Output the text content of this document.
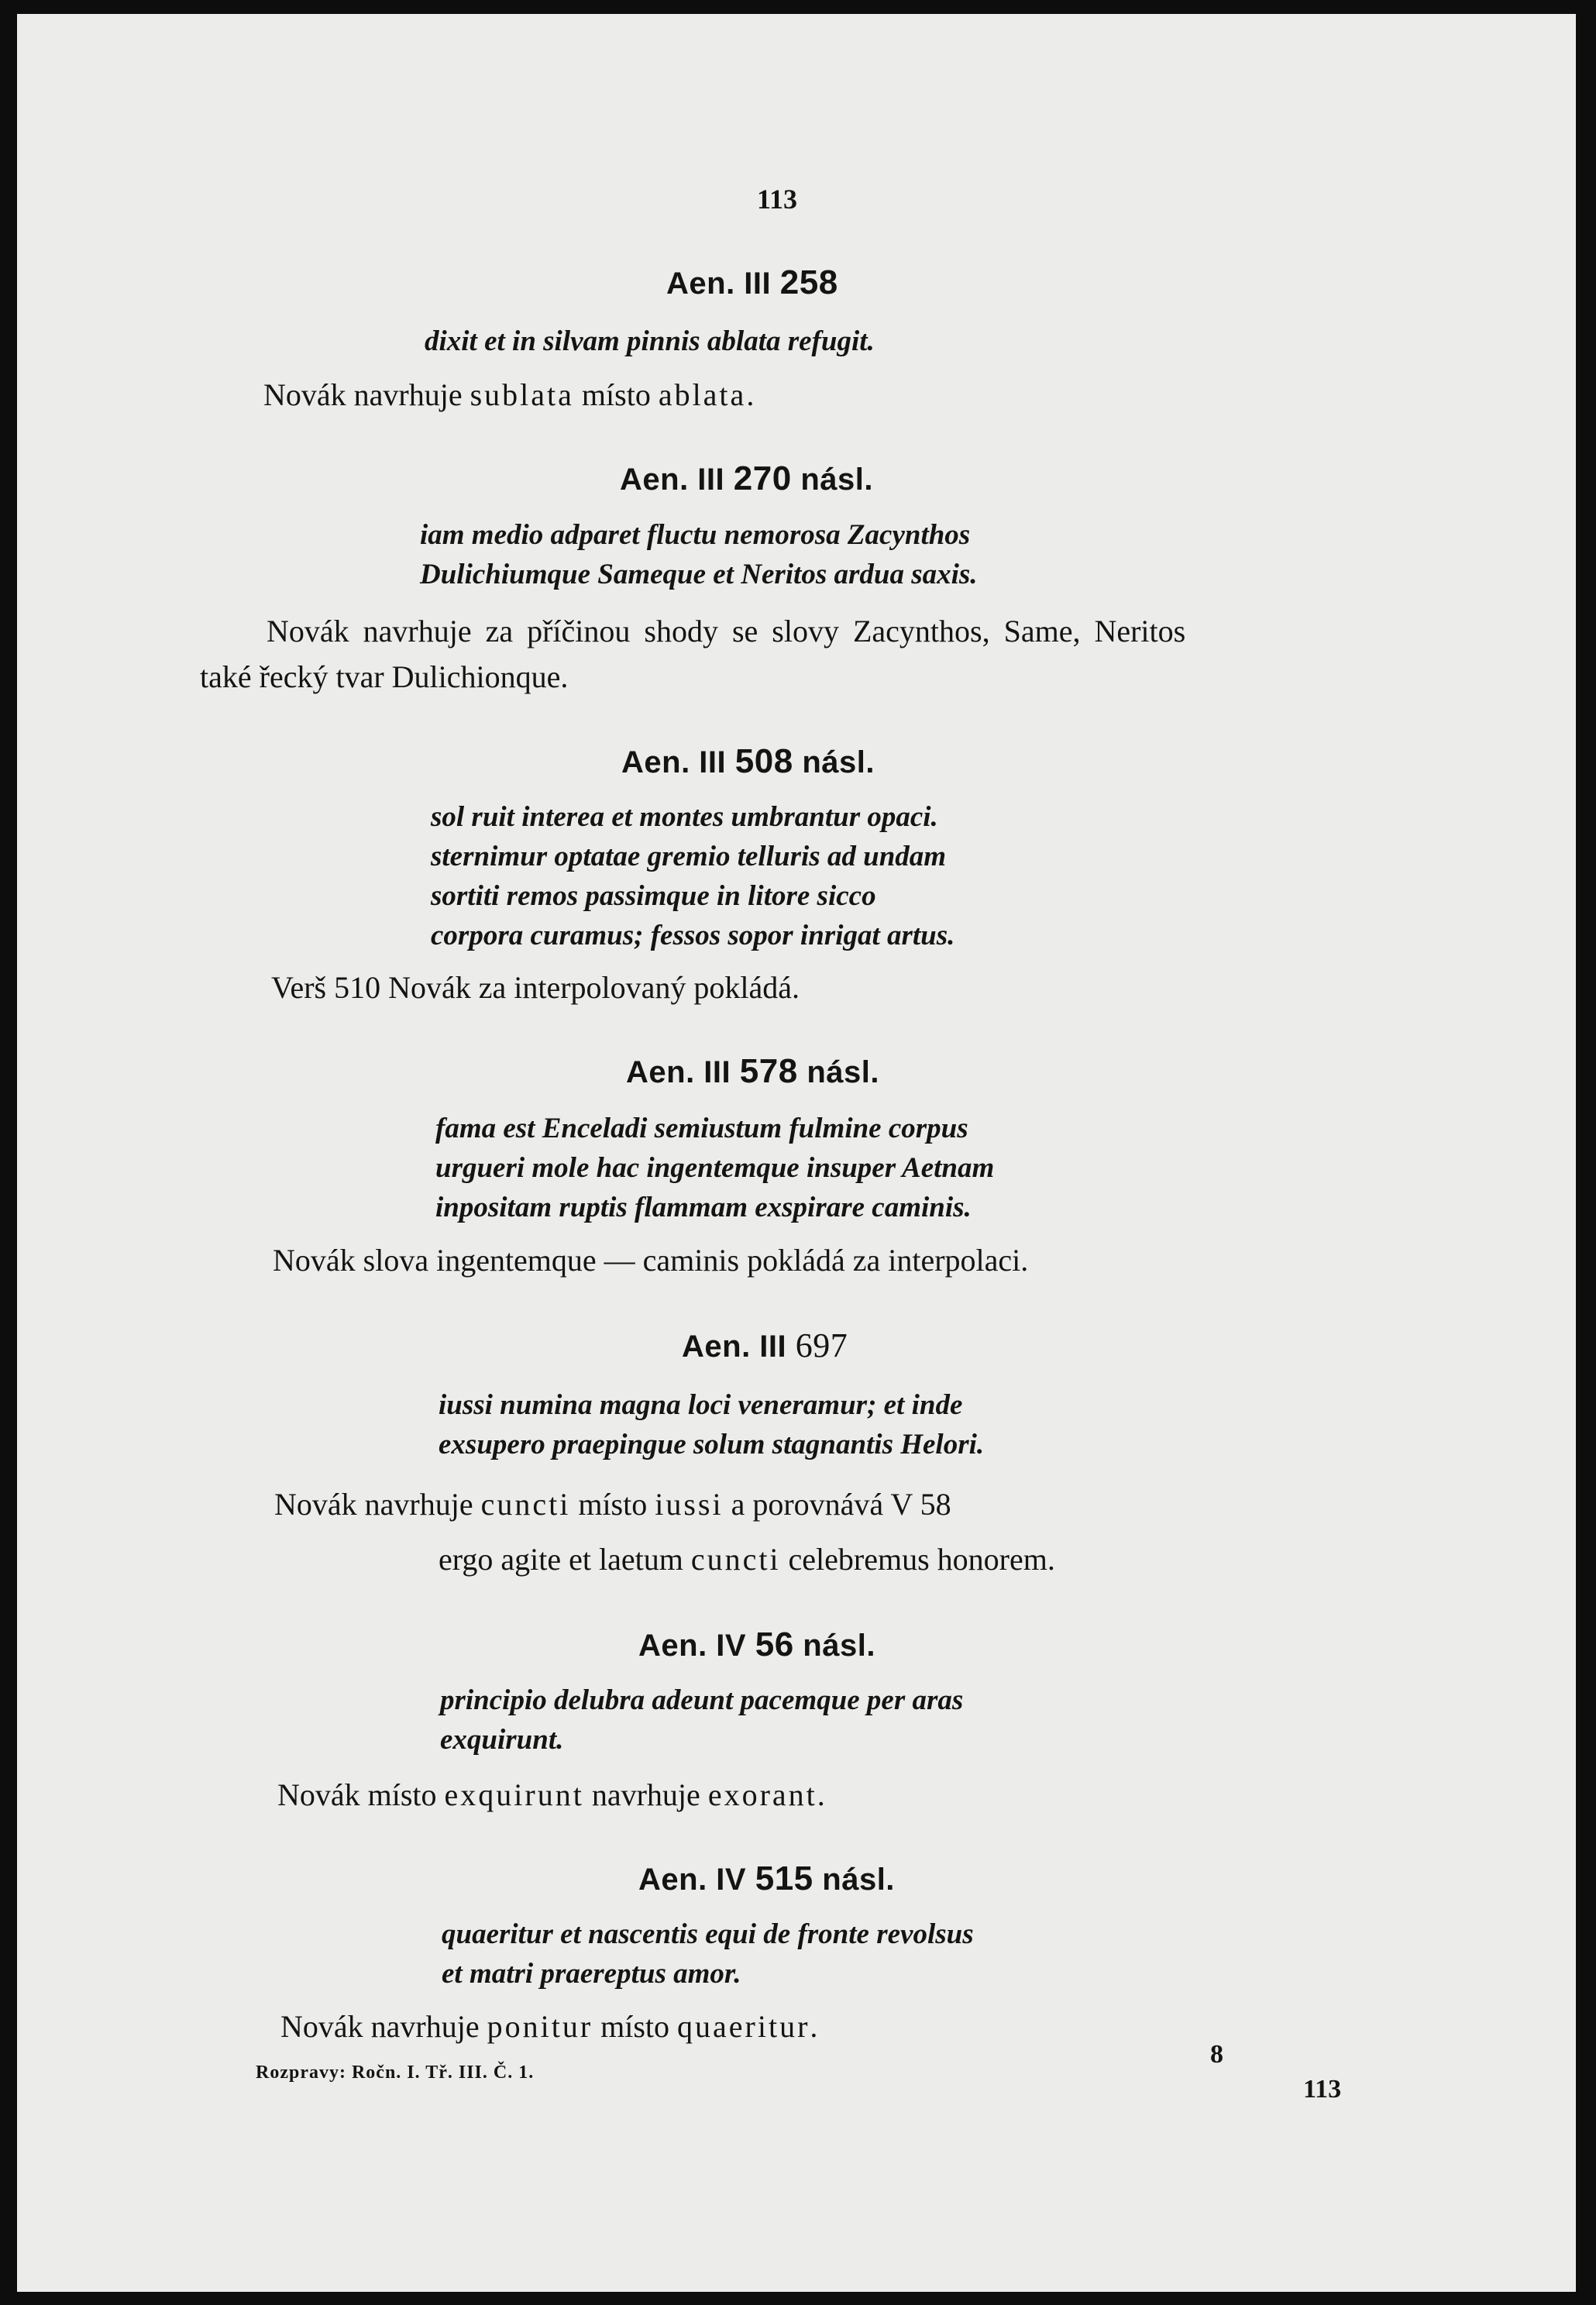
113
Aen. III 258
dixit et in silvam pinnis ablata refugit.
Novák navrhuje sublata místo ablata.
Aen. III 270 násl.
iam medio adparet fluctu nemorosa Zacynthos
Dulichiumque Sameque et Neritos ardua saxis.
Novák navrhuje za příčinou shody se slovy Zacynthos, Same, Neritos
také řecký tvar Dulichionque.
Aen. III 508 násl.
sol ruit interea et montes umbrantur opaci.
sternimur optatae gremio telluris ad undam
sortiti remos passimque in litore sicco
corpora curamus; fessos sopor inrigat artus.
Verš 510 Novák za interpolovaný pokládá.
Aen. III 578 násl.
fama est Enceladi semiustum fulmine corpus
urgueri mole hac ingentemque insuper Aetnam
inpositam ruptis flammam exspirare caminis.
Novák slova ingentemque — caminis pokládá za interpolaci.
Aen. III 697
iussi numina magna loci veneramur; et inde
exsupero praepingue solum stagnantis Helori.
Novák navrhuje cuncti místo iussi a porovnává V 58
ergo agite et laetum cuncti celebremus honorem.
Aen. IV 56 násl.
principio delubra adeunt pacemque per aras
exquirunt.
Novák místo exquirunt navrhuje exorant.
Aen. IV 515 násl.
quaeritur et nascentis equi de fronte revolsus
et matri praereptus amor.
Novák navrhuje ponitur místo quaeritur.
Rozpravy: Ročn. I. Tř. III. Č. 1.
8
113
